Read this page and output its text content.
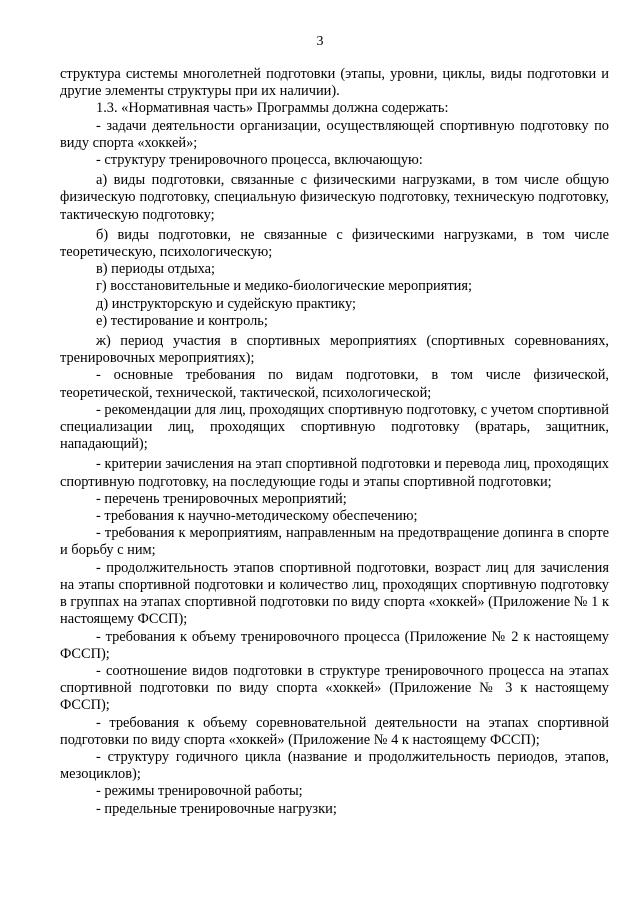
3

структура системы многолетней подготовки (этапы, уровни, циклы, виды подготовки и другие элементы структуры при их наличии).

1.3. «Нормативная часть» Программы должна содержать:

- задачи деятельности организации, осуществляющей спортивную подготовку по виду спорта «хоккей»;

- структуру тренировочного процесса, включающую:

а) виды подготовки, связанные с физическими нагрузками, в том числе общую физическую подготовку, специальную физическую подготовку, техническую подготовку, тактическую подготовку;

б) виды подготовки, не связанные с физическими нагрузками, в том числе теоретическую, психологическую;

в) периоды отдыха;

г) восстановительные и медико-биологические мероприятия;

д) инструкторскую и судейскую практику;

е) тестирование и контроль;

ж) период участия в спортивных мероприятиях (спортивных соревнованиях, тренировочных мероприятиях);

- основные требования по видам подготовки, в том числе физической, теоретической, технической, тактической, психологической;

- рекомендации для лиц, проходящих спортивную подготовку, с учетом спортивной специализации лиц, проходящих спортивную подготовку (вратарь, защитник, нападающий);

- критерии зачисления на этап спортивной подготовки и перевода лиц, проходящих спортивную подготовку, на последующие годы и этапы спортивной подготовки;

- перечень тренировочных мероприятий;

- требования к научно-методическому обеспечению;

- требования к мероприятиям, направленным на предотвращение допинга в спорте и борьбу с ним;

- продолжительность этапов спортивной подготовки, возраст лиц для зачисления на этапы спортивной подготовки и количество лиц, проходящих спортивную подготовку в группах на этапах спортивной подготовки по виду спорта «хоккей» (Приложение № 1 к настоящему ФССП);

- требования к объему тренировочного процесса (Приложение № 2 к настоящему ФССП);

- соотношение видов подготовки в структуре тренировочного процесса на этапах спортивной подготовки по виду спорта «хоккей» (Приложение № 3 к настоящему ФССП);

- требования к объему соревновательной деятельности на этапах спортивной подготовки по виду спорта «хоккей» (Приложение № 4 к настоящему ФССП);

- структуру годичного цикла (название и продолжительность периодов, этапов, мезоциклов);

- режимы тренировочной работы;

- предельные тренировочные нагрузки;
